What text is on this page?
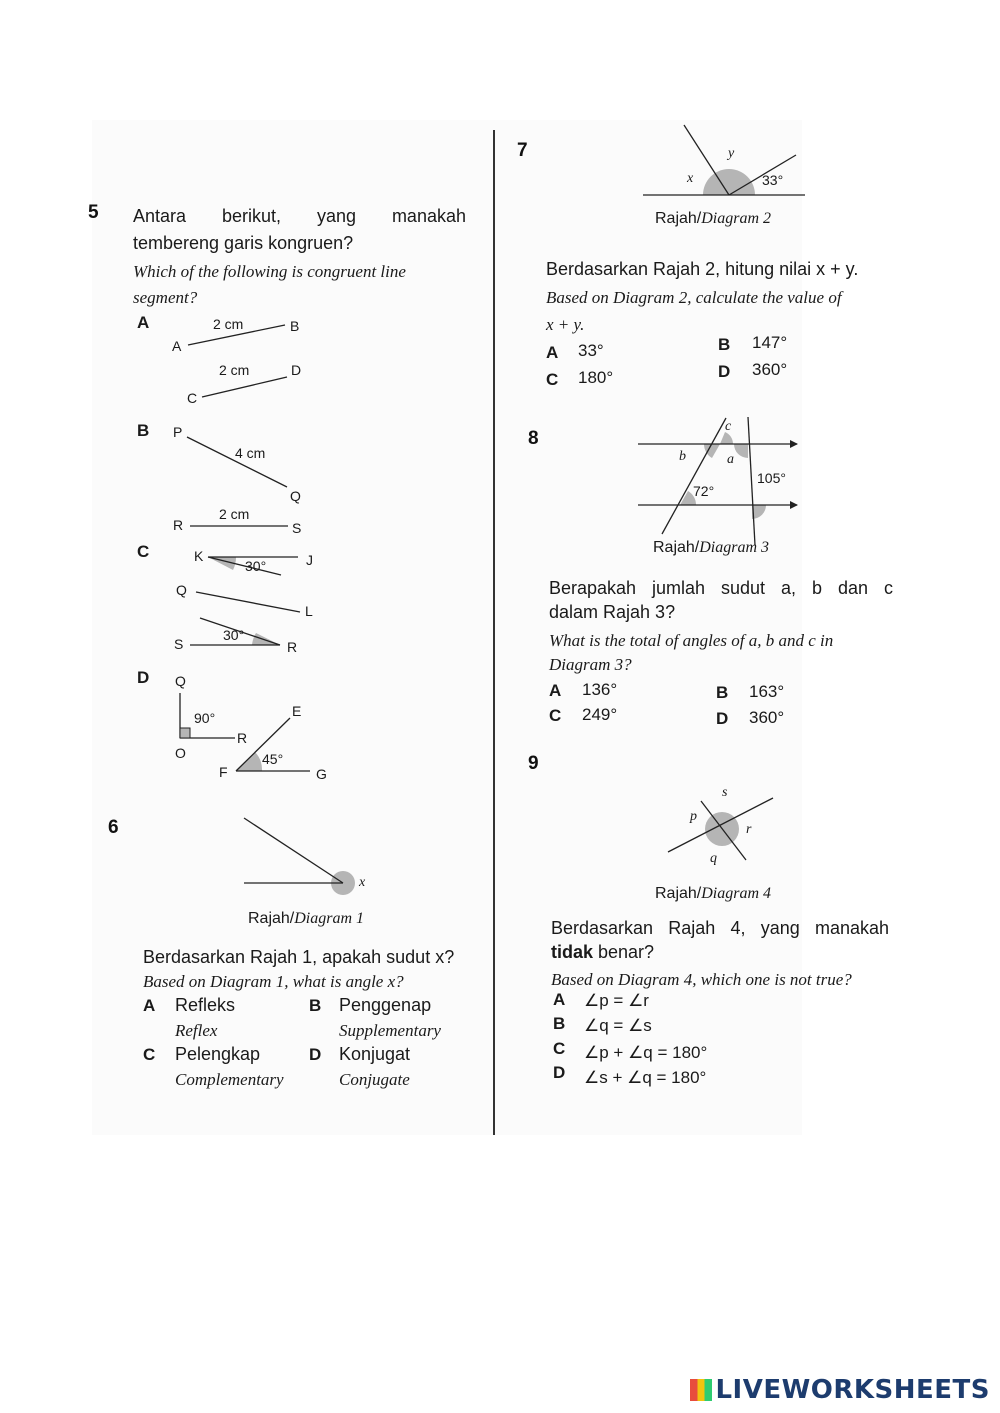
5 Antara berikut, yang manakah
tembereng garis kongruen?
Which of the following is congruent line
segment?
A	2 cm
A
B
2 cm
C
D
B P
4 cm
Q
2 cm
R	S
C	K
30°	J
Q
L
S
30°
R
D Q
90°
O
R
E
F
45°
G
6
x
Rajah/Diagram 1
Berdasarkan Rajah 1, apakah sudut x?
Based on Diagram 1, what is angle x?
A Refleks
Reflex
B Penggenap
Supplementary
C Pelengkap
Complementary
D Konjugat
Conjugate
7	y
x	33°
Rajah/Diagram 2
Berdasarkan Rajah 2, hitung nilai x + y.
Based on Diagram 2, calculate the value of
x + y.
A 33°	B 147°
C 180°	D 360°
8
c
b	a
105°
72°
Rajah/Diagram 3
Berapakah jumlah sudut a, b dan c
dalam Rajah 3?
What is the total of angles of a, b and c in
Diagram 3?
A 136°	B 163°
C 249°	D 360°
9
s
p
r
q
Rajah/Diagram 4
Berdasarkan Rajah 4, yang manakah
tidak benar?
Based on Diagram 4, which one is not true?
A ∠p = ∠r
B ∠q = ∠s
C ∠p + ∠q = 180°
D ∠s + ∠q = 180°
LIVEWORKSHEETS
